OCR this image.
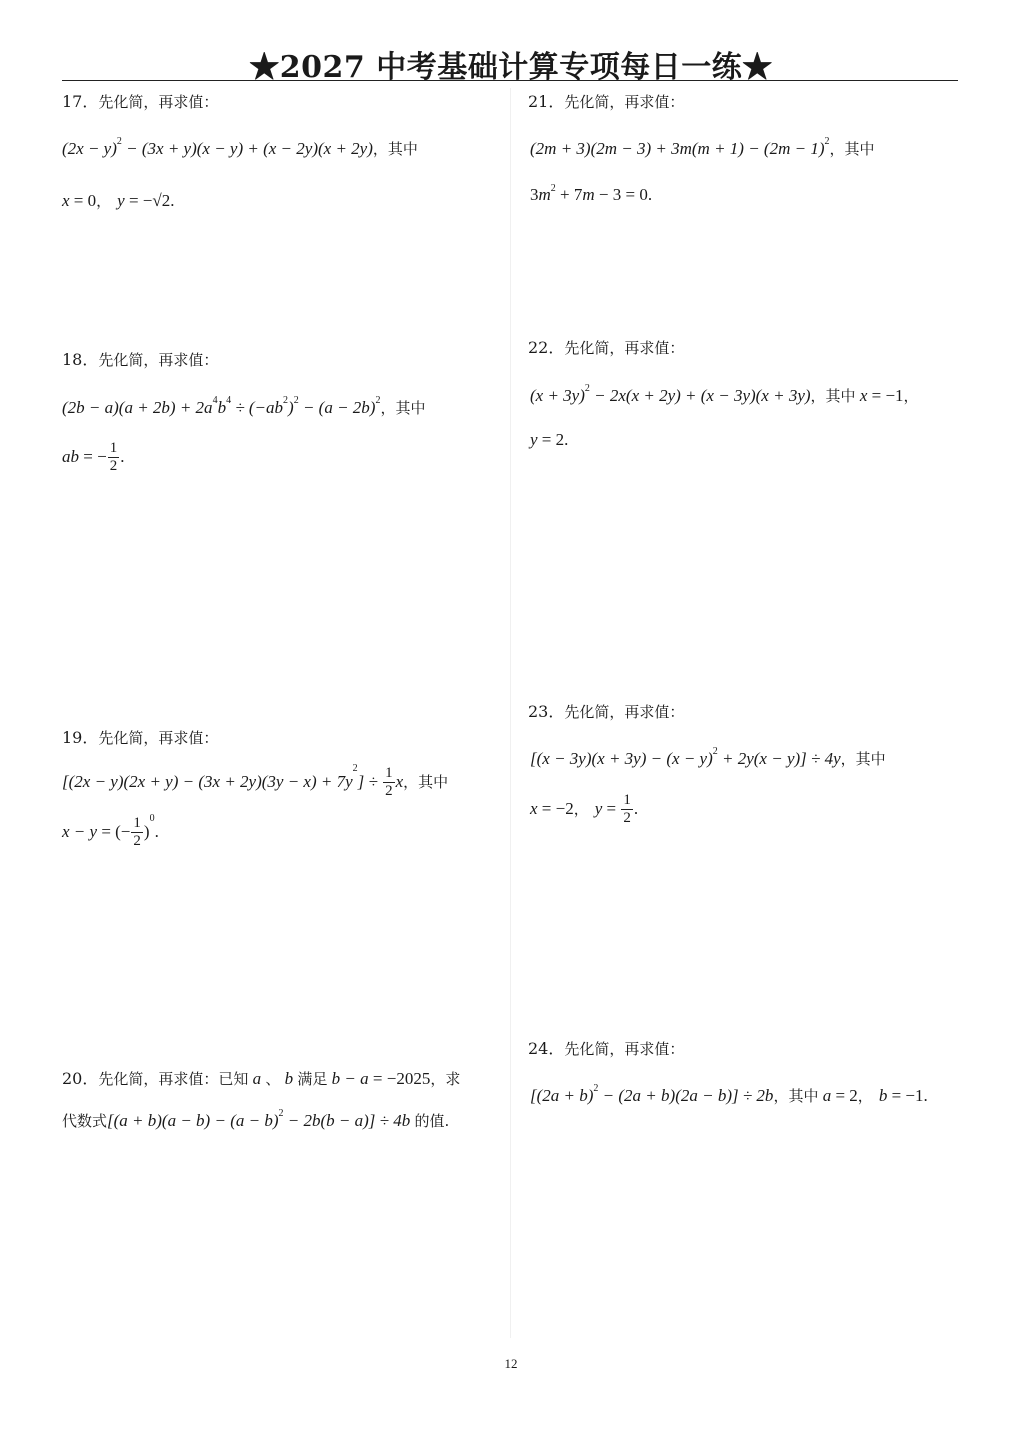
★2027 中考基础计算专项每日一练★
17．先化简，再求值：
$(2x - y)^2 - (3x + y)(x - y) + (x - 2y)(x + 2y)$，其中
x = 0， y = −√2.
18．先化简，再求值：
$(2b - a)(a + 2b) + 2a^4b^4 \div (-ab^2)^2 - (a - 2b)^2$，其中
ab = − $\frac{1}{2}$ .
19．先化简，再求值：
$[(2x - y)(2x + y) - (3x + 2y)(3y - x) + 7y^2] \div \frac{1}{2}$ x，其中
x − y = (− $\frac{1}{2} )^0$.
20．先化简，再求值：已知 a 、 b 满足 b − a = −2025，求
代数式$[(a + b)(a - b) - (a - b)^2 - 2b(b - a)] \div 4b$ 的值.
21．先化简，再求值：
$(2m + 3)(2m - 3) + 3m(m + 1) - (2m - 1)^2$，其中
$3m^2 + 7m - 3 = 0$.
22．先化简，再求值：
$(x + 3y)^2 - 2x(x + 2y) + (x - 3y)(x + 3y)$，其中 x = −1，
y = 2.
23．先化简，再求值：
$[(x - 3y)(x + 3y) - (x - y)^2 + 2y(x - y)] \div 4y$，其中
x = −2， $y = \frac{1}{2}$ .
24．先化简，再求值：
$[(2a + b)^2 - (2a + b)(2a - b)] \div 2b$，其中 a = 2， b = −1.
12
